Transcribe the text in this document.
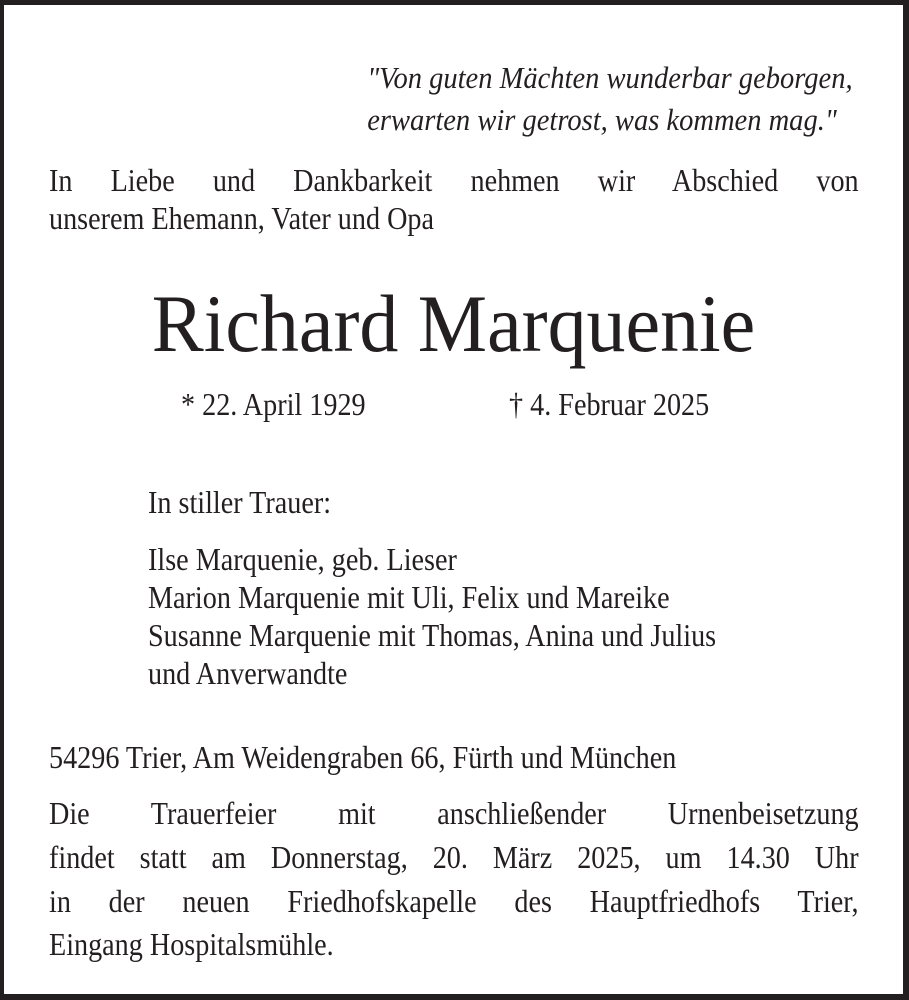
"Von guten Mächten wunderbar geborgen,
erwarten wir getrost, was kommen mag."
In Liebe und Dankbarkeit nehmen wir Abschied von
unserem Ehemann, Vater und Opa
Richard Marquenie
* 22. April 1929	† 4. Februar 2025
In stiller Trauer:
Ilse Marquenie, geb. Lieser
Marion Marquenie mit Uli, Felix und Mareike
Susanne Marquenie mit Thomas, Anina und Julius
und Anverwandte
54296 Trier, Am Weidengraben 66, Fürth und München
Die Trauerfeier mit anschließender Urnenbeisetzung
findet statt am Donnerstag, 20. März 2025, um 14.30 Uhr
in der neuen Friedhofskapelle des Hauptfriedhofs Trier,
Eingang Hospitalsmühle.
